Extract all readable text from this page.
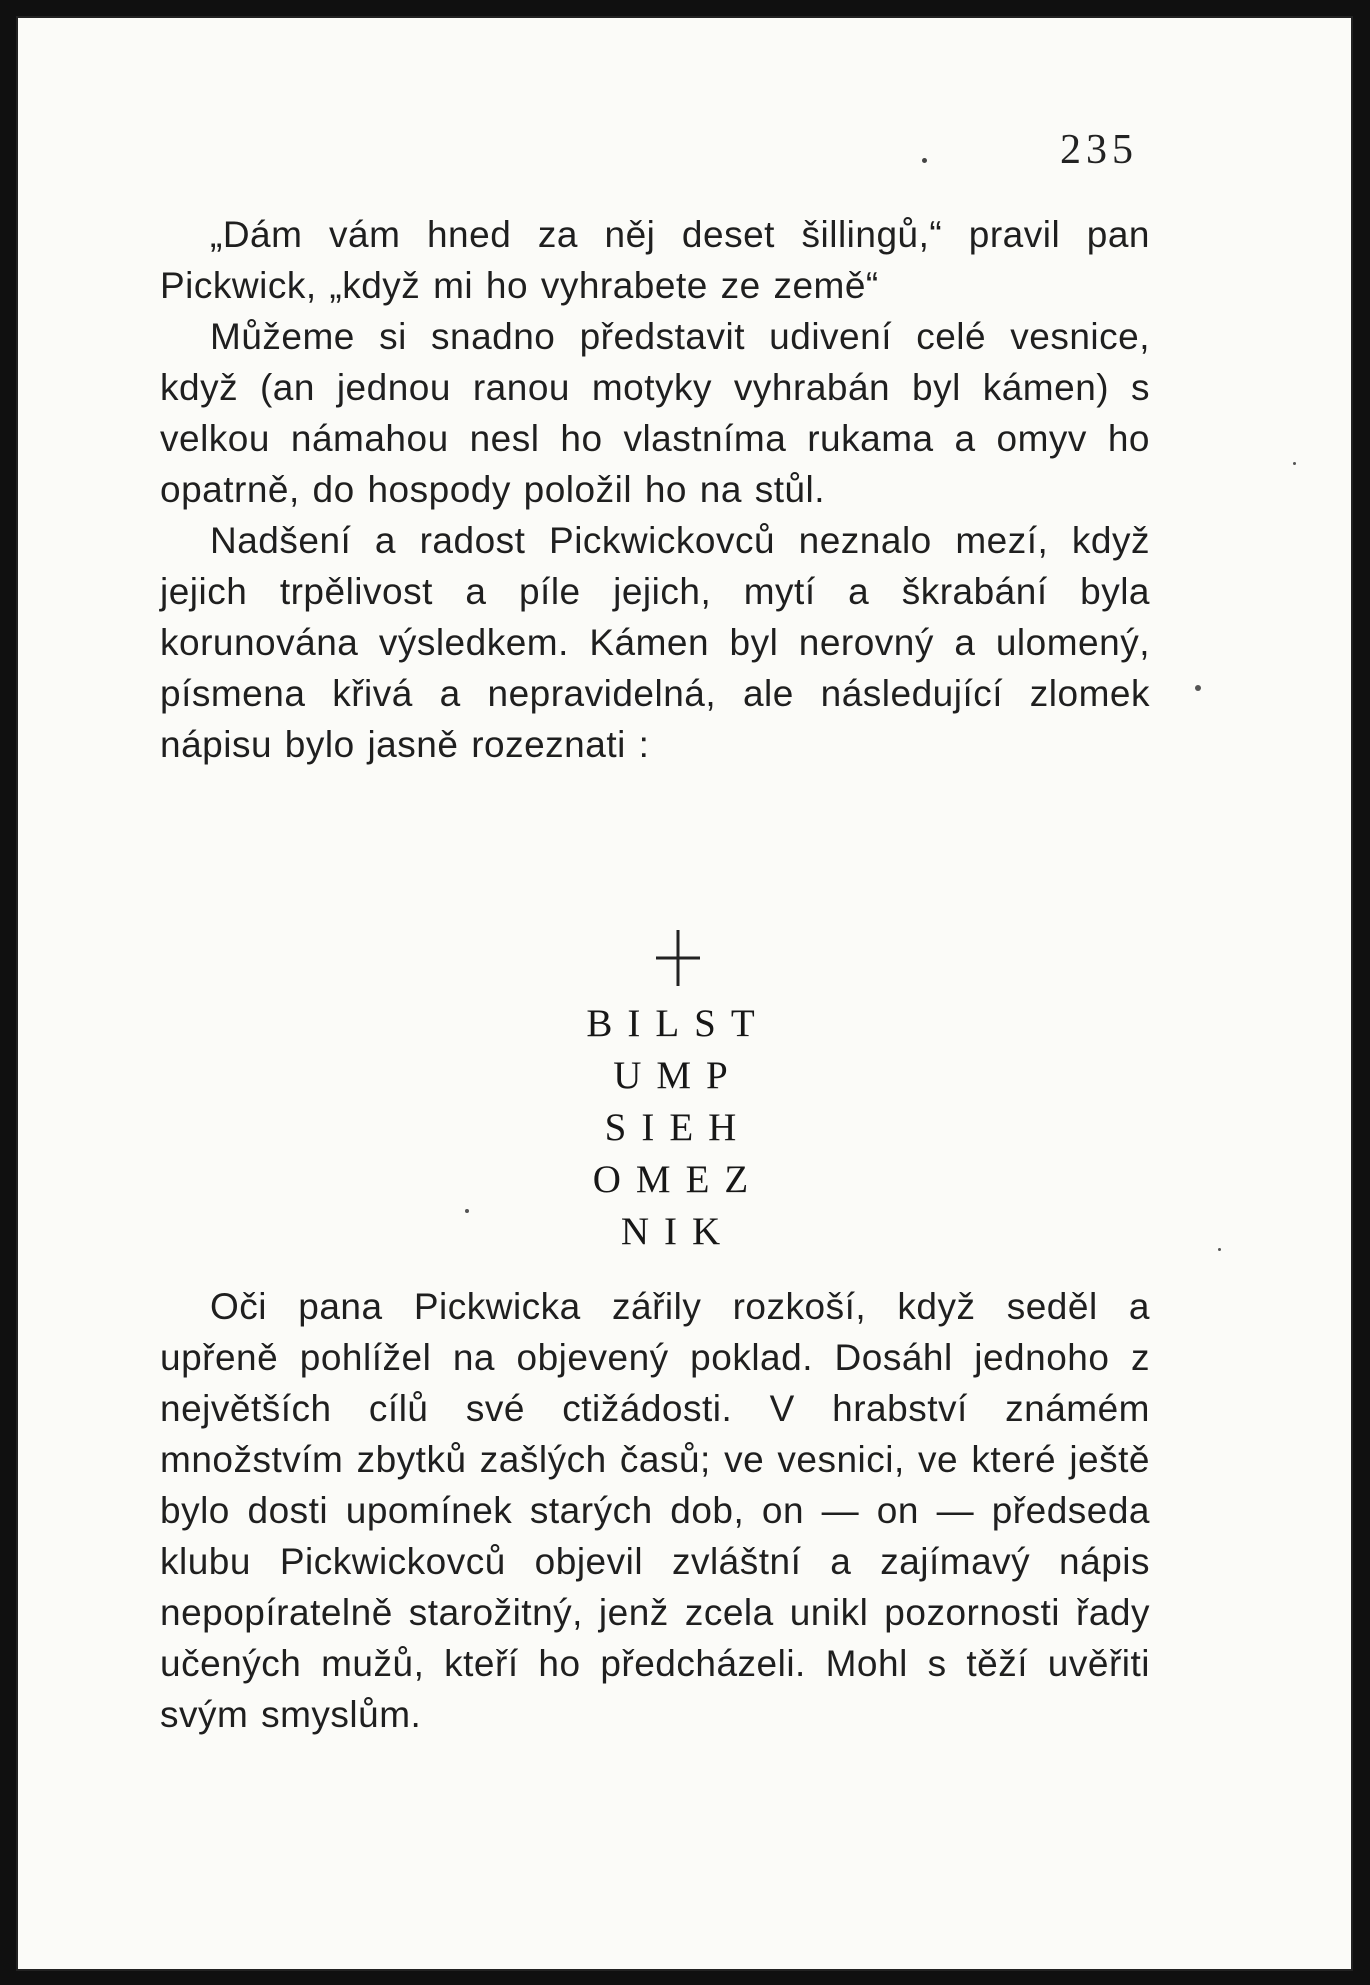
235

„Dám vám hned za něj deset šillingů,“ pravil pan Pickwick, „když mi ho vyhrabete ze země“

Můžeme si snadno představit udivení celé vesnice, když (an jednou ranou motyky vyhrabán byl kámen) s velkou námahou nesl ho vlastníma rukama a omyv ho opatrně, do hospody položil ho na stůl.

Nadšení a radost Pickwickovců neznalo mezí, když jejich trpělivost a píle jejich, mytí a škrabání byla korunována výsledkem. Kámen byl nerovný a ulomený, písmena křivá a nepravidelná, ale následující zlomek nápisu bylo jasně rozeznati :

BILST
UMP
SIEH
OMEZ
NIK

Oči pana Pickwicka zářily rozkoší, když seděl a upřeně pohlížel na objevený poklad. Dosáhl jednoho z největších cílů své ctižádosti. V hrabství známém množstvím zbytků zašlých časů; ve vesnici, ve které ještě bylo dosti upomínek starých dob, on — on — předseda klubu Pickwickovců objevil zvláštní a zajímavý nápis nepopíratelně starožitný, jenž zcela unikl pozornosti řady učených mužů, kteří ho předcházeli. Mohl s těží uvěřiti svým smyslům.
